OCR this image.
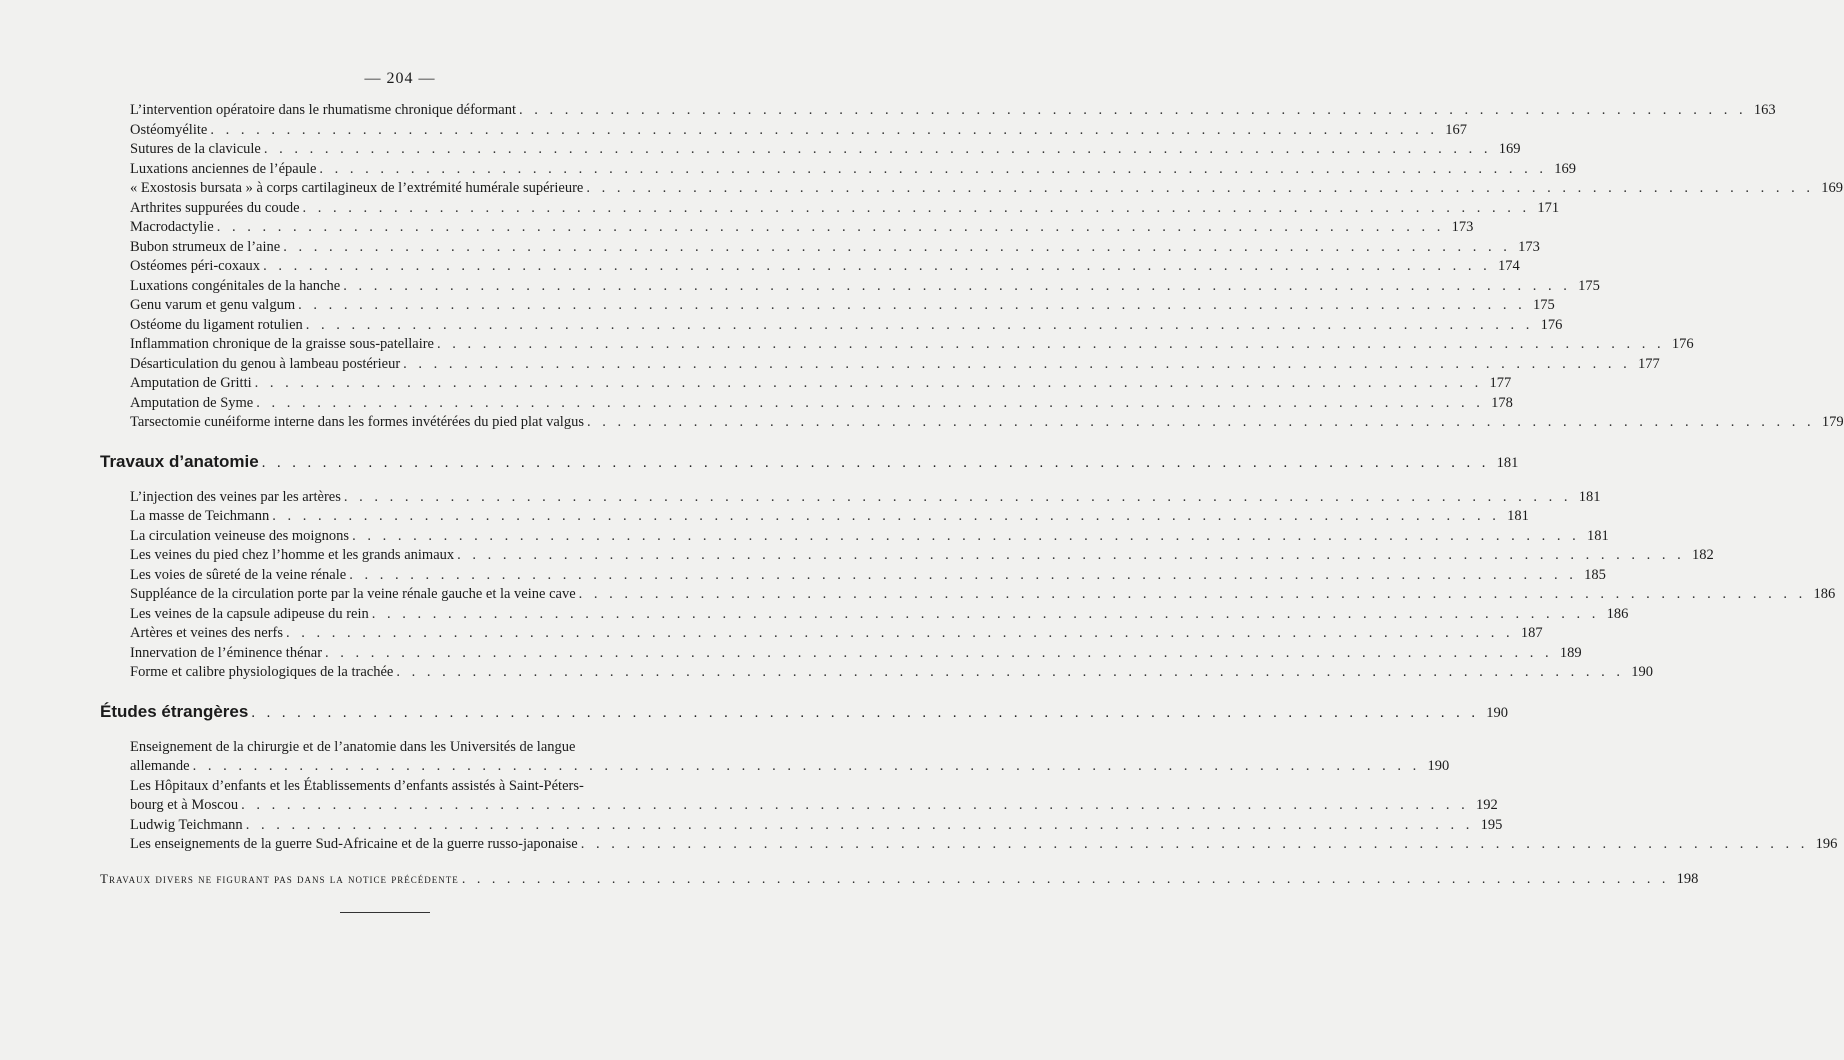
— 204 —
L’intervention opératoire dans le rhumatisme chronique déformant . . . . . . . . . . . . . . . . . . . . . . . . . . . . . . . . . . . . . . . . . . . . . . . . . . . . . . . . . . . . . . . . . . . . . . . . . . . . . . . . . 163
Ostéomyélite . . . . . . . . . . . . . . . . . . . . . . . . . . . . . . . . . . . . . . . . . . . . . . . . . . . . . . . . . . . . . . . . . . . . . . . . . . . . . . . . . 167
Sutures de la clavicule . . . . . . . . . . . . . . . . . . . . . . . . . . . . . . . . . . . . . . . . . . . . . . . . . . . . . . . . . . . . . . . . . . . . . . . . . . . . . . . . . 169
Luxations anciennes de l’épaule . . . . . . . . . . . . . . . . . . . . . . . . . . . . . . . . . . . . . . . . . . . . . . . . . . . . . . . . . . . . . . . . . . . . . . . . . . . . . . . . . 169
« Exostosis bursata » à corps cartilagineux de l’extrémité humérale supérieure . . . . . . . . . . . . . . . . . . . . . . . . . . . . . . . . . . . . . . . . . . . . . . . . . . . . . . . . . . . . . . . . . . . . . . . . . . . . . . . . . 169
Arthrites suppurées du coude . . . . . . . . . . . . . . . . . . . . . . . . . . . . . . . . . . . . . . . . . . . . . . . . . . . . . . . . . . . . . . . . . . . . . . . . . . . . . . . . . 171
Macrodactylie . . . . . . . . . . . . . . . . . . . . . . . . . . . . . . . . . . . . . . . . . . . . . . . . . . . . . . . . . . . . . . . . . . . . . . . . . . . . . . . . . 173
Bubon strumeux de l’aine . . . . . . . . . . . . . . . . . . . . . . . . . . . . . . . . . . . . . . . . . . . . . . . . . . . . . . . . . . . . . . . . . . . . . . . . . . . . . . . . . 173
Ostéomes péri-coxaux . . . . . . . . . . . . . . . . . . . . . . . . . . . . . . . . . . . . . . . . . . . . . . . . . . . . . . . . . . . . . . . . . . . . . . . . . . . . . . . . . 174
Luxations congénitales de la hanche . . . . . . . . . . . . . . . . . . . . . . . . . . . . . . . . . . . . . . . . . . . . . . . . . . . . . . . . . . . . . . . . . . . . . . . . . . . . . . . . . 175
Genu varum et genu valgum . . . . . . . . . . . . . . . . . . . . . . . . . . . . . . . . . . . . . . . . . . . . . . . . . . . . . . . . . . . . . . . . . . . . . . . . . . . . . . . . . 175
Ostéome du ligament rotulien . . . . . . . . . . . . . . . . . . . . . . . . . . . . . . . . . . . . . . . . . . . . . . . . . . . . . . . . . . . . . . . . . . . . . . . . . . . . . . . . . 176
Inflammation chronique de la graisse sous-patellaire . . . . . . . . . . . . . . . . . . . . . . . . . . . . . . . . . . . . . . . . . . . . . . . . . . . . . . . . . . . . . . . . . . . . . . . . . . . . . . . . . 176
Désarticulation du genou à lambeau postérieur . . . . . . . . . . . . . . . . . . . . . . . . . . . . . . . . . . . . . . . . . . . . . . . . . . . . . . . . . . . . . . . . . . . . . . . . . . . . . . . . . 177
Amputation de Gritti . . . . . . . . . . . . . . . . . . . . . . . . . . . . . . . . . . . . . . . . . . . . . . . . . . . . . . . . . . . . . . . . . . . . . . . . . . . . . . . . . 177
Amputation de Syme . . . . . . . . . . . . . . . . . . . . . . . . . . . . . . . . . . . . . . . . . . . . . . . . . . . . . . . . . . . . . . . . . . . . . . . . . . . . . . . . . 178
Tarsectomie cunéiforme interne dans les formes invétérées du pied plat valgus . . . . . . . . . . . . . . . . . . . . . . . . . . . . . . . . . . . . . . . . . . . . . . . . . . . . . . . . . . . . . . . . . . . . . . . . . . . . . . . . . 179
Travaux d’anatomie . . . . . . . . . . . . . . . . . . . . . . . . . . . . . . . . . . . . . . . . . . . . . . . . . . . . . . . . . . . . . . . . . . . . . . . . . . . . . . . . . 181
L’injection des veines par les artères . . . . . . . . . . . . . . . . . . . . . . . . . . . . . . . . . . . . . . . . . . . . . . . . . . . . . . . . . . . . . . . . . . . . . . . . . . . . . . . . . 181
La masse de Teichmann . . . . . . . . . . . . . . . . . . . . . . . . . . . . . . . . . . . . . . . . . . . . . . . . . . . . . . . . . . . . . . . . . . . . . . . . . . . . . . . . . 181
La circulation veineuse des moignons . . . . . . . . . . . . . . . . . . . . . . . . . . . . . . . . . . . . . . . . . . . . . . . . . . . . . . . . . . . . . . . . . . . . . . . . . . . . . . . . . 181
Les veines du pied chez l’homme et les grands animaux . . . . . . . . . . . . . . . . . . . . . . . . . . . . . . . . . . . . . . . . . . . . . . . . . . . . . . . . . . . . . . . . . . . . . . . . . . . . . . . . . 182
Les voies de sûreté de la veine rénale . . . . . . . . . . . . . . . . . . . . . . . . . . . . . . . . . . . . . . . . . . . . . . . . . . . . . . . . . . . . . . . . . . . . . . . . . . . . . . . . . 185
Suppléance de la circulation porte par la veine rénale gauche et la veine cave . . . . . . . . . . . . . . . . . . . . . . . . . . . . . . . . . . . . . . . . . . . . . . . . . . . . . . . . . . . . . . . . . . . . . . . . . . . . . . . . . 186
Les veines de la capsule adipeuse du rein . . . . . . . . . . . . . . . . . . . . . . . . . . . . . . . . . . . . . . . . . . . . . . . . . . . . . . . . . . . . . . . . . . . . . . . . . . . . . . . . . 186
Artères et veines des nerfs . . . . . . . . . . . . . . . . . . . . . . . . . . . . . . . . . . . . . . . . . . . . . . . . . . . . . . . . . . . . . . . . . . . . . . . . . . . . . . . . . 187
Innervation de l’éminence thénar . . . . . . . . . . . . . . . . . . . . . . . . . . . . . . . . . . . . . . . . . . . . . . . . . . . . . . . . . . . . . . . . . . . . . . . . . . . . . . . . . 189
Forme et calibre physiologiques de la trachée . . . . . . . . . . . . . . . . . . . . . . . . . . . . . . . . . . . . . . . . . . . . . . . . . . . . . . . . . . . . . . . . . . . . . . . . . . . . . . . . . 190
Études étrangères . . . . . . . . . . . . . . . . . . . . . . . . . . . . . . . . . . . . . . . . . . . . . . . . . . . . . . . . . . . . . . . . . . . . . . . . . . . . . . . . . 190
Enseignement de la chirurgie et de l’anatomie dans les Universités de langue
allemande . . . . . . . . . . . . . . . . . . . . . . . . . . . . . . . . . . . . . . . . . . . . . . . . . . . . . . . . . . . . . . . . . . . . . . . . . . . . . . . . . 190
Les Hôpitaux d’enfants et les Établissements d’enfants assistés à Saint-Péters-
bourg et à Moscou . . . . . . . . . . . . . . . . . . . . . . . . . . . . . . . . . . . . . . . . . . . . . . . . . . . . . . . . . . . . . . . . . . . . . . . . . . . . . . . . . 192
Ludwig Teichmann . . . . . . . . . . . . . . . . . . . . . . . . . . . . . . . . . . . . . . . . . . . . . . . . . . . . . . . . . . . . . . . . . . . . . . . . . . . . . . . . . 195
Les enseignements de la guerre Sud-Africaine et de la guerre russo-japonaise . . . . . . . . . . . . . . . . . . . . . . . . . . . . . . . . . . . . . . . . . . . . . . . . . . . . . . . . . . . . . . . . . . . . . . . . . . . . . . . . . 196
Travaux divers ne figurant pas dans la notice précédente . . . . . . . . . . . . . . . . . . . . . . . . . . . . . . . . . . . . . . . . . . . . . . . . . . . . . . . . . . . . . . . . . . . . . . . . . . . . . . . . . 198
